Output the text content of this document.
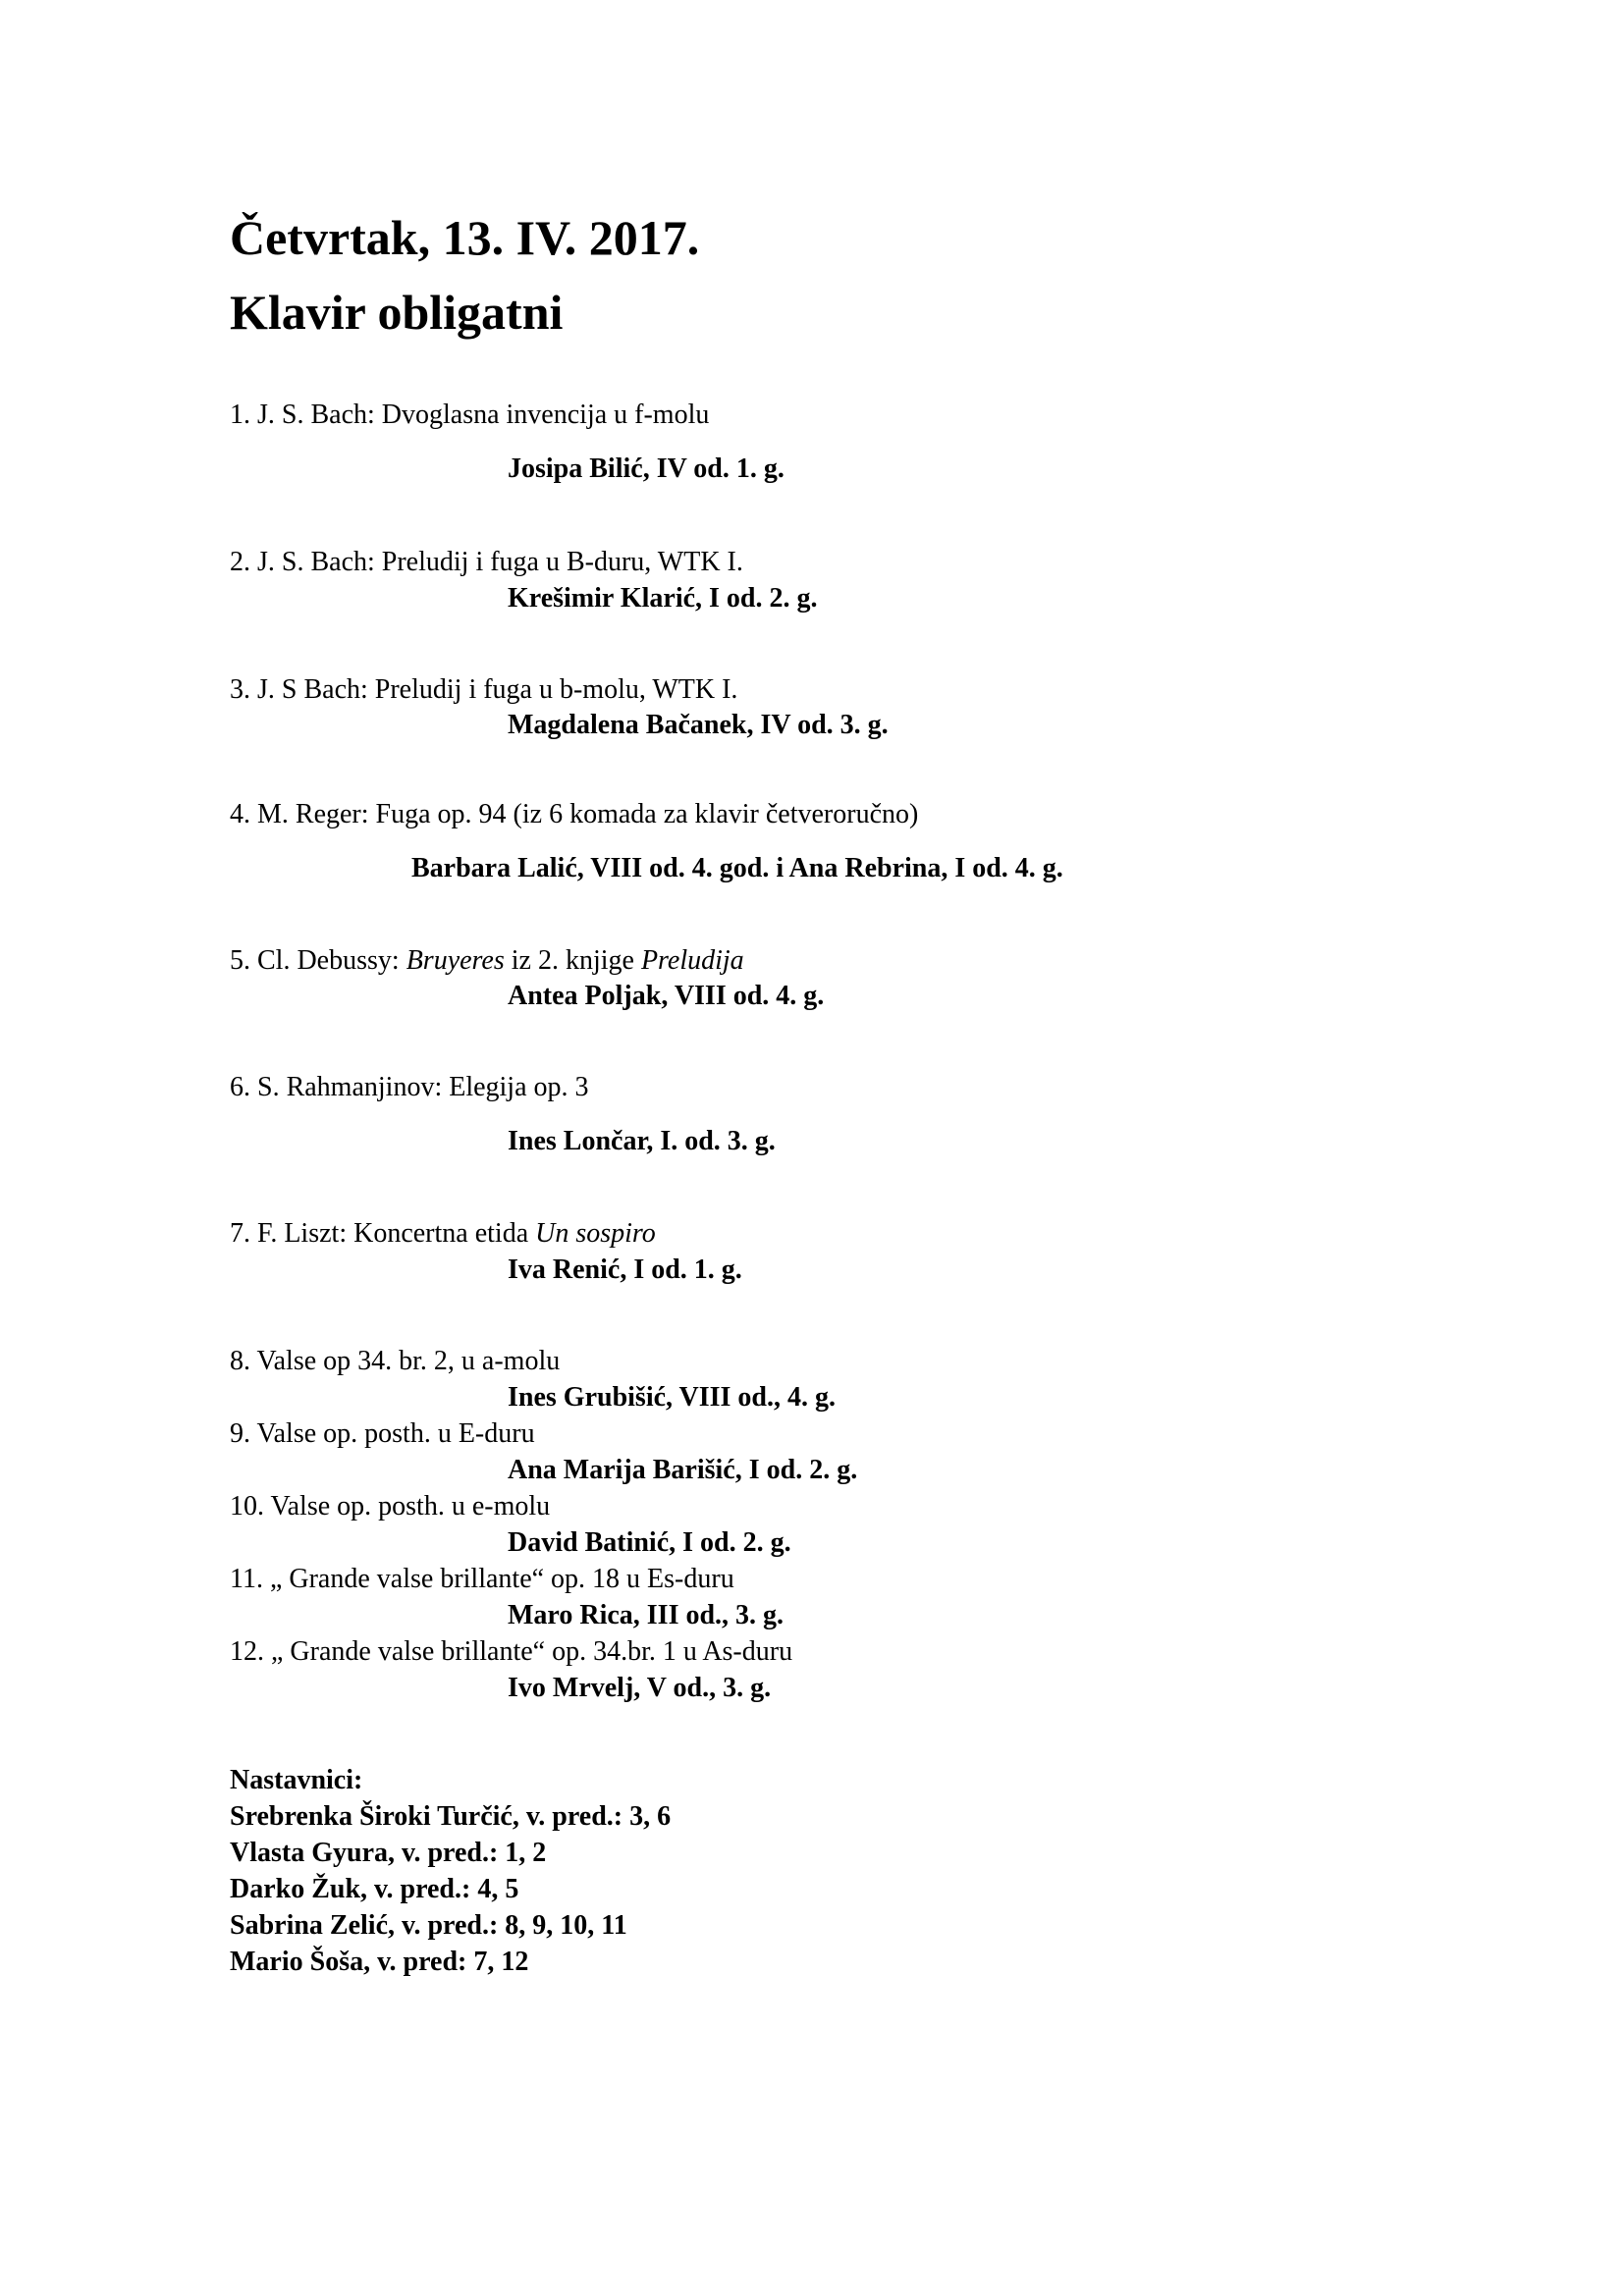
Četvrtak, 13. IV. 2017.
Klavir obligatni
1. J. S. Bach: Dvoglasna invencija u f-molu
Josipa Bilić, IV od. 1. g.
2. J. S. Bach: Preludij i fuga u B-duru, WTK I.
Krešimir Klarić, I od. 2. g.
3. J. S Bach: Preludij i fuga u b-molu, WTK I.
Magdalena Bačanek, IV od. 3. g.
4. M. Reger: Fuga op. 94 (iz 6 komada za klavir četveroručno)
Barbara Lalić, VIII od. 4. god. i Ana Rebrina, I od. 4. g.
5. Cl. Debussy: Bruyeres iz 2. knjige Preludija
Antea Poljak, VIII od. 4. g.
6. S. Rahmanjinov: Elegija op. 3
Ines Lončar, I. od. 3. g.
7. F. Liszt: Koncertna etida Un sospiro
Iva Renić, I od. 1. g.
8. Valse op 34. br. 2, u a-molu
Ines Grubišić, VIII od., 4. g.
9. Valse op. posth. u E-duru
Ana Marija Barišić, I od. 2. g.
10. Valse op. posth. u e-molu
David Batinić, I od. 2. g.
11. „ Grande valse brillante“ op. 18 u Es-duru
Maro Rica, III od., 3. g.
12. „ Grande valse brillante“ op. 34.br. 1 u As-duru
Ivo Mrvelj, V od., 3. g.
Nastavnici:
Srebrenka Široki Turčić, v. pred.: 3, 6
Vlasta Gyura, v. pred.: 1, 2
Darko Žuk, v. pred.: 4, 5
Sabrina Zelić, v. pred.: 8, 9, 10, 11
Mario Šoša, v. pred: 7, 12
